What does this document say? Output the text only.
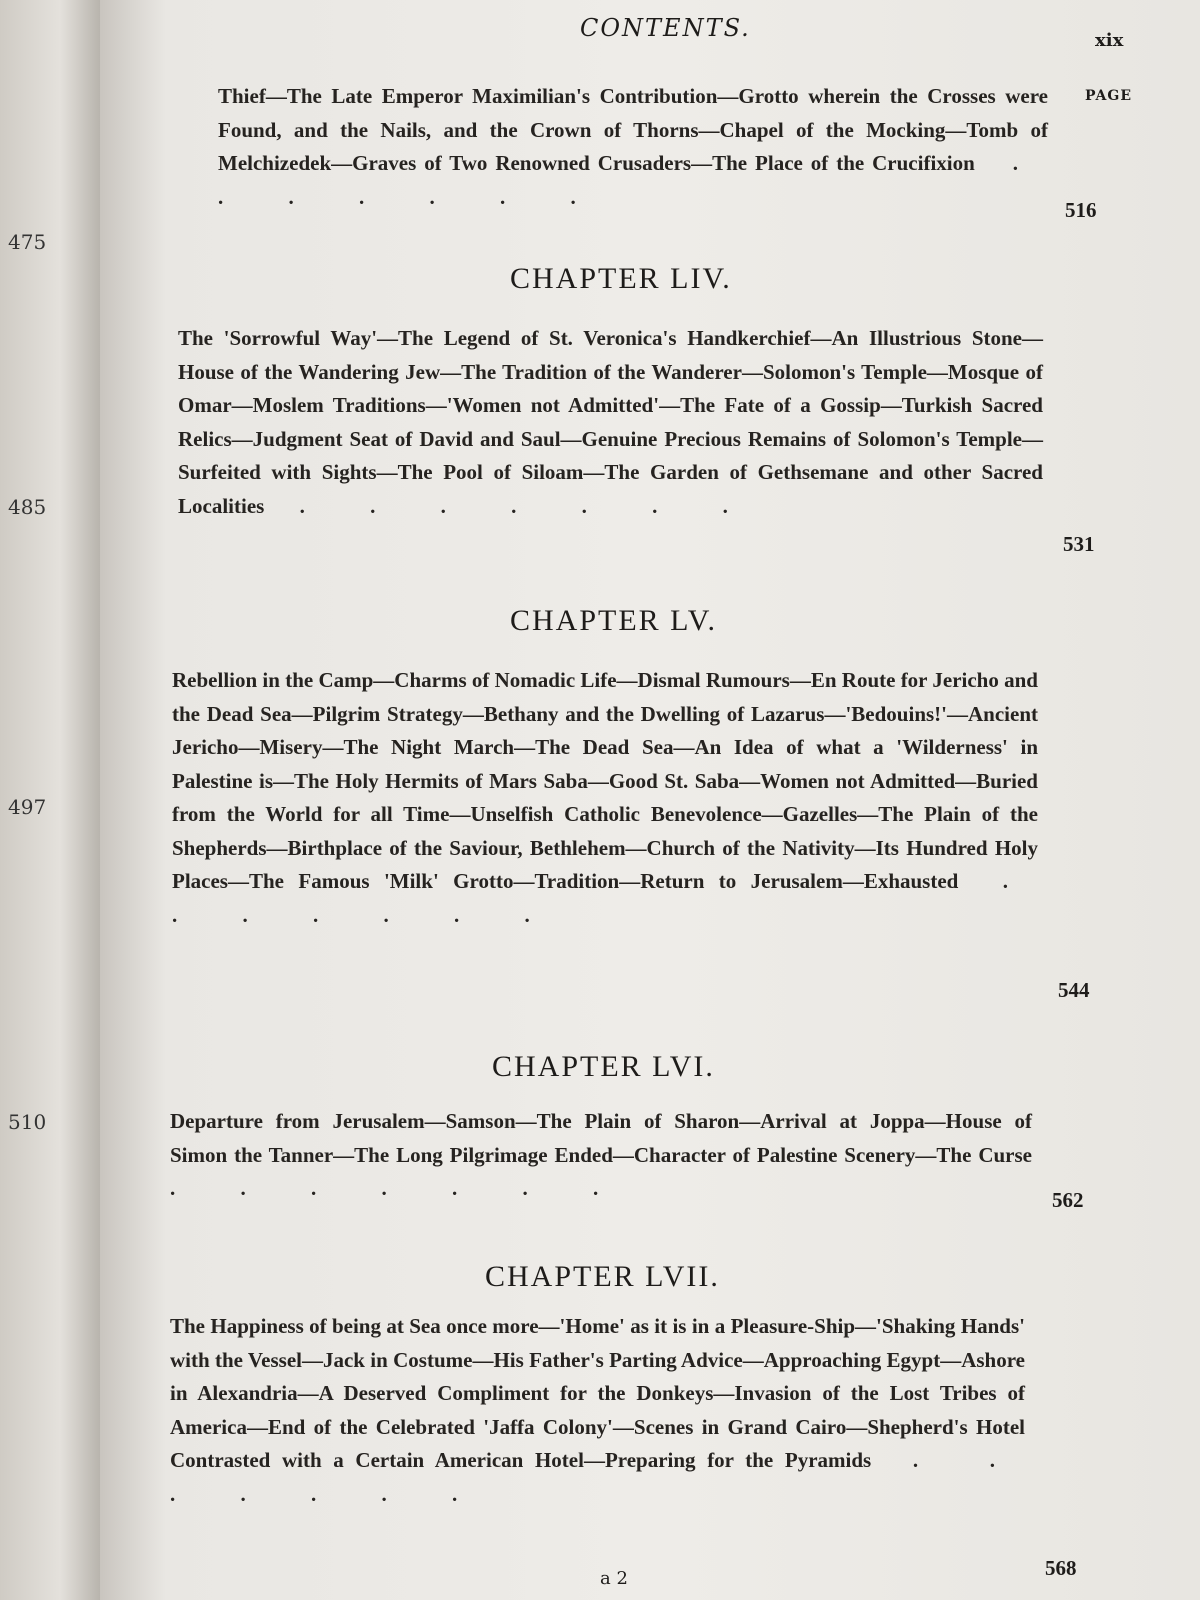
475
485
497
510
CONTENTS.	xix
PAGE
Thief—The Late Emperor Maximilian's Contribution—Grotto wherein the Crosses were Found, and the Nails, and the Crown of Thorns—Chapel of the Mocking—Tomb of Melchizedek—Graves of Two Renowned Crusaders—The Place of the Crucifixion . . . . . . .
516
CHAPTER LIV.
The 'Sorrowful Way'—The Legend of St. Veronica's Handkerchief—An Illustrious Stone—House of the Wandering Jew—The Tradition of the Wanderer—Solomon's Temple—Mosque of Omar—Moslem Traditions—'Women not Admitted'—The Fate of a Gossip—Turkish Sacred Relics—Judgment Seat of David and Saul—Genuine Precious Remains of Solomon's Temple—Surfeited with Sights—The Pool of Siloam—The Garden of Gethsemane and other Sacred Localities . . . . . . .
531
CHAPTER LV.
Rebellion in the Camp—Charms of Nomadic Life—Dismal Rumours—En Route for Jericho and the Dead Sea—Pilgrim Strategy—Bethany and the Dwelling of Lazarus—'Bedouins!'—Ancient Jericho—Misery—The Night March—The Dead Sea—An Idea of what a 'Wilderness' in Palestine is—The Holy Hermits of Mars Saba—Good St. Saba—Women not Admitted—Buried from the World for all Time—Unselfish Catholic Benevolence—Gazelles—The Plain of the Shepherds—Birthplace of the Saviour, Bethlehem—Church of the Nativity—Its Hundred Holy Places—The Famous 'Milk' Grotto—Tradition—Return to Jerusalem—Exhausted . . . . . . .
544
CHAPTER LVI.
Departure from Jerusalem—Samson—The Plain of Sharon—Arrival at Joppa—House of Simon the Tanner—The Long Pilgrimage Ended—Character of Palestine Scenery—The Curse . . . . . . .	562
CHAPTER LVII.
The Happiness of being at Sea once more—'Home' as it is in a Pleasure-Ship—'Shaking Hands' with the Vessel—Jack in Costume—His Father's Parting Advice—Approaching Egypt—Ashore in Alexandria—A Deserved Compliment for the Donkeys—Invasion of the Lost Tribes of America—End of the Celebrated 'Jaffa Colony'—Scenes in Grand Cairo—Shepherd's Hotel Contrasted with a Certain American Hotel—Preparing for the Pyramids . . . . . . .
568
a 2
